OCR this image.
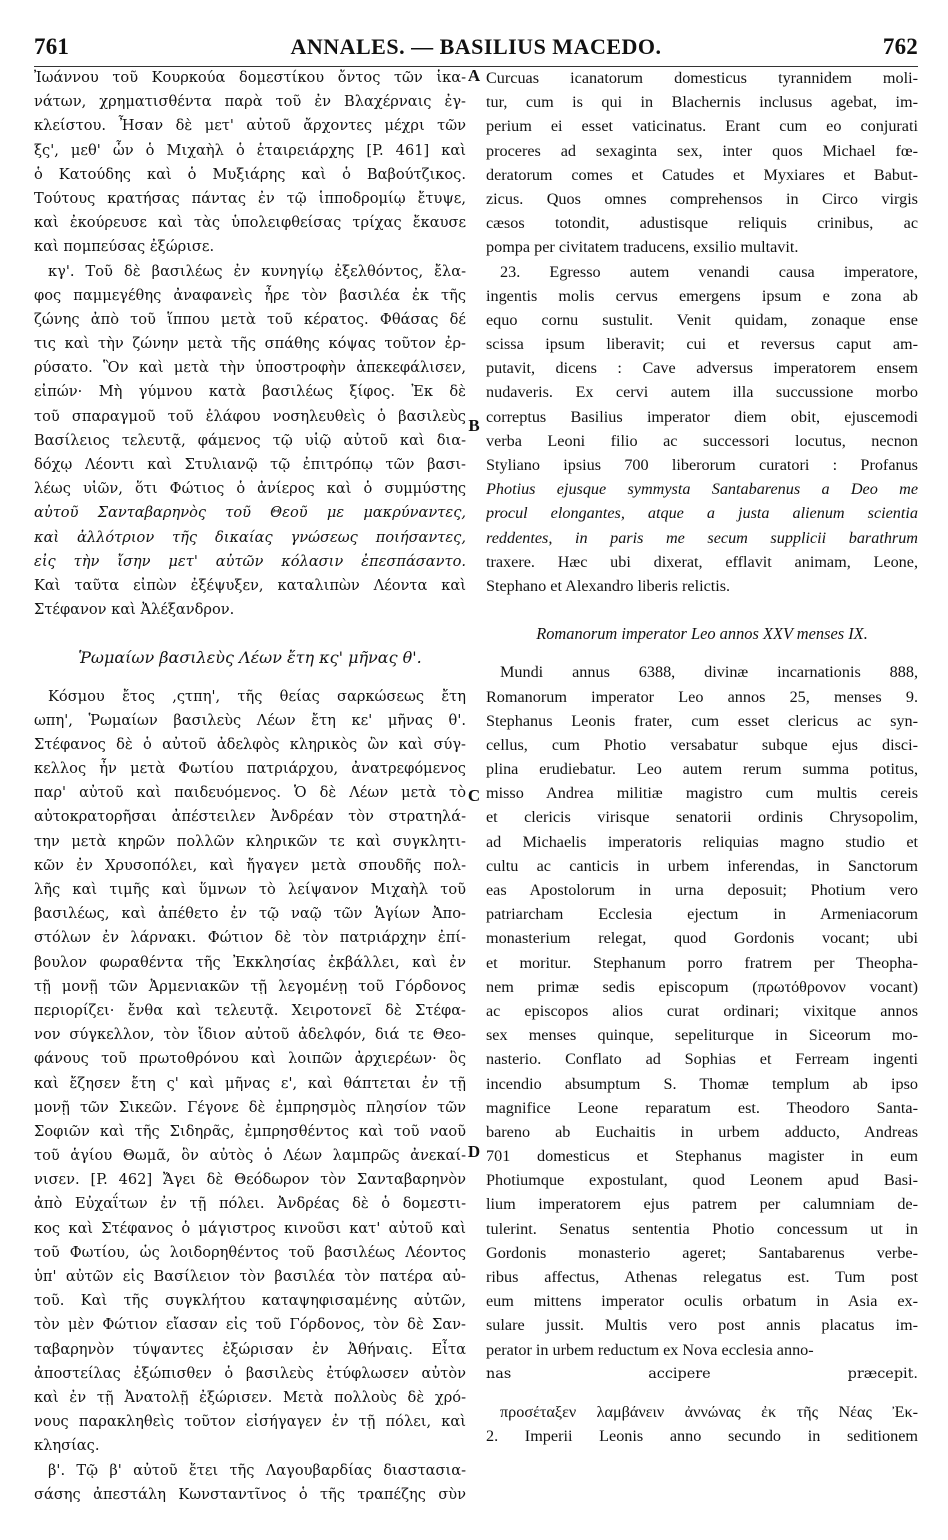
761	ANNALES. — BASILIUS MACEDO.	762
Ἰωάννου τοῦ Κουρκούα δομεστίκου ὄντος τῶν ἱκα-
νάτων, χρηματισθέντα παρὰ τοῦ ἐν Βλαχέρναις ἐγ-
κλείστου. Ἦσαν δὲ μετ' αὐτοῦ ἄρχοντες μέχρι τῶν
ξς', μεθ' ὧν ὁ Μιχαὴλ ὁ ἑταιρειάρχης [P. 461] καὶ
ὁ Κατούδης καὶ ὁ Μυξιάρης καὶ ὁ Βαβούτζικος.
Τούτους κρατήσας πάντας ἐν τῷ ἱπποδρομίῳ ἔτυψε,
καὶ ἐκούρευσε καὶ τὰς ὑπολειφθείσας τρίχας ἔκαυσε
καὶ πομπεύσας ἐξώρισε.
κγ'. Τοῦ δὲ βασιλέως ἐν κυνηγίῳ ἐξελθόντος, ἔλα-
φος παμμεγέθης ἀναφανεὶς ἦρε τὸν βασιλέα ἐκ τῆς
ζώνης ἀπὸ τοῦ ἵππου μετὰ τοῦ κέρατος. Φθάσας δέ
τις καὶ τὴν ζώνην μετὰ τῆς σπάθης κόψας τοῦτον ἐρ-
ρύσατο. Ὃν καὶ μετὰ τὴν ὑποστροφὴν ἀπεκεφάλισεν,
εἰπών· Μὴ γύμνου κατὰ βασιλέως ξίφος. Ἐκ δὲ
τοῦ σπαραγμοῦ τοῦ ἐλάφου νοσηλευθεὶς ὁ βασιλεὺς
Βασίλειος τελευτᾷ, φάμενος τῷ υἱῷ αὐτοῦ καὶ δια-
δόχῳ Λέοντι καὶ Στυλιανῷ τῷ ἐπιτρόπῳ τῶν βασι-
λέως υἱῶν, ὅτι Φώτιος ὁ ἀνίερος καὶ ὁ συμμύστης
αὐτοῦ Σανταβαρηνὸς τοῦ Θεοῦ με μακρύναντες,
καὶ ἀλλότριον τῆς δικαίας γνώσεως ποιήσαντες,
εἰς τὴν ἴσην μετ' αὐτῶν κόλασιν ἐπεσπάσαντο.
Καὶ ταῦτα εἰπὼν ἐξέψυξεν, καταλιπὼν Λέοντα καὶ
Στέφανον καὶ Ἀλέξανδρον.
Ῥωμαίων βασιλεὺς Λέων ἔτη κς' μῆνας θ'.
Κόσμου ἔτος ,ςτπη', τῆς θείας σαρκώσεως ἔτη
ωπη', Ῥωμαίων βασιλεὺς Λέων ἔτη κε' μῆνας θ'.
Στέφανος δὲ ὁ αὐτοῦ ἀδελφὸς κληρικὸς ὢν καὶ σύγ-
κελλος ἦν μετὰ Φωτίου πατριάρχου, ἀνατρεφόμενος
παρ' αὐτοῦ καὶ παιδευόμενος. Ὁ δὲ Λέων μετὰ τὸ
αὐτοκρατορῆσαι ἀπέστειλεν Ἀνδρέαν τὸν στρατηλά-
την μετὰ κηρῶν πολλῶν κληρικῶν τε καὶ συγκλητι-
κῶν ἐν Χρυσοπόλει, καὶ ἤγαγεν μετὰ σπουδῆς πολ-
λῆς καὶ τιμῆς καὶ ὕμνων τὸ λείψανον Μιχαὴλ τοῦ
βασιλέως, καὶ ἀπέθετο ἐν τῷ ναῷ τῶν Ἁγίων Ἀπο-
στόλων ἐν λάρνακι. Φώτιον δὲ τὸν πατριάρχην ἐπί-
βουλον φωραθέντα τῆς Ἐκκλησίας ἐκβάλλει, καὶ ἐν
τῇ μονῇ τῶν Ἀρμενιακῶν τῇ λεγομένῃ τοῦ Γόρδονος
περιορίζει· ἔνθα καὶ τελευτᾷ. Χειροτονεῖ δὲ Στέφα-
νον σύγκελλον, τὸν ἴδιον αὐτοῦ ἀδελφόν, διά τε Θεο-
φάνους τοῦ πρωτοθρόνου καὶ λοιπῶν ἀρχιερέων· ὃς
καὶ ἔζησεν ἔτη ς' καὶ μῆνας ε', καὶ θάπτεται ἐν τῇ
μονῇ τῶν Σικεῶν. Γέγονε δὲ ἐμπρησμὸς πλησίον τῶν
Σοφιῶν καὶ τῆς Σιδηρᾶς, ἐμπρησθέντος καὶ τοῦ ναοῦ
τοῦ ἁγίου Θωμᾶ, ὃν αὐτὸς ὁ Λέων λαμπρῶς ἀνεκαί-
νισεν. [P. 462] Ἄγει δὲ Θεόδωρον τὸν Σανταβαρηνὸν
ἀπὸ Εὐχαΐτων ἐν τῇ πόλει. Ἀνδρέας δὲ ὁ δομεστι-
κος καὶ Στέφανος ὁ μάγιστρος κινοῦσι κατ' αὐτοῦ καὶ
τοῦ Φωτίου, ὡς λοιδορηθέντος τοῦ βασιλέως Λέοντος
ὑπ' αὐτῶν εἰς Βασίλειον τὸν βασιλέα τὸν πατέρα αὐ-
τοῦ. Καὶ τῆς συγκλήτου καταψηφισαμένης αὐτῶν,
τὸν μὲν Φώτιον εἴασαν εἰς τοῦ Γόρδονος, τὸν δὲ Σαν-
ταβαρηνὸν τύψαντες ἐξώρισαν ἐν Ἀθήναις. Εἶτα
ἀποστείλας ἐξώπισθεν ὁ βασιλεὺς ἐτύφλωσεν αὐτὸν
καὶ ἐν τῇ Ἀνατολῇ ἐξώρισεν. Μετὰ πολλοὺς δὲ χρό-
νους παρακληθεὶς τοῦτον εἰσήγαγεν ἐν τῇ πόλει, καὶ
κλησίας.
β'. Τῷ β' αὐτοῦ ἔτει τῆς Λαγουβαρδίας διαστασια-
σάσης ἀπεστάλη Κωνσταντῖνος ὁ τῆς τραπέζης σὺν
A
B
C
D
Curcuas icanatorum domesticus tyrannidem moli-
tur, cum is qui in Blachernis inclusus agebat, im-
perium ei esset vaticinatus. Erant cum eo conjurati
proceres ad sexaginta sex, inter quos Michael fœ-
deratorum comes et Catudes et Myxiares et Babut-
zicus. Quos omnes comprehensos in Circo virgis
cæsos totondit, adustisque reliquis crinibus, ac
pompa per civitatem traducens, exsilio multavit.
23. Egresso autem venandi causa imperatore,
ingentis molis cervus emergens ipsum e zona ab
equo cornu sustulit. Venit quidam, zonaque ense
scissa ipsum liberavit; cui et reversus caput am-
putavit, dicens : Cave adversus imperatorem ensem
nudaveris. Ex cervi autem illa succussione morbo
correptus Basilius imperator diem obit, ejuscemodi
verba Leoni filio ac successori locutus, necnon
Styliano ipsius 700 liberorum curatori : Profanus
Photius ejusque symmysta Santabarenus a Deo me
procul elongantes, atque a justa alienum scientia
reddentes, in paris me secum supplicii barathrum
traxere. Hæc ubi dixerat, efflavit animam, Leone,
Stephano et Alexandro liberis relictis.
Romanorum imperator Leo annos XXV menses IX.
Mundi annus 6388, divinæ incarnationis 888,
Romanorum imperator Leo annos 25, menses 9.
Stephanus Leonis frater, cum esset clericus ac syn-
cellus, cum Photio versabatur subque ejus disci-
plina erudiebatur. Leo autem rerum summa potitus,
misso Andrea militiæ magistro cum multis cereis
et clericis virisque senatorii ordinis Chrysopolim,
ad Michaelis imperatoris reliquias magno studio et
cultu ac canticis in urbem inferendas, in Sanctorum
eas Apostolorum in urna deposuit; Photium vero
patriarcham Ecclesia ejectum in Armeniacorum
monasterium relegat, quod Gordonis vocant; ubi
et moritur. Stephanum porro fratrem per Theopha-
nem primæ sedis episcopum (πρωτόθρονον vocant)
ac episcopos alios curat ordinari; vixitque annos
sex menses quinque, sepeliturque in Siceorum mo-
nasterio. Conflato ad Sophias et Ferream ingenti
incendio absumptum S. Thomæ templum ab ipso
magnifice Leone reparatum est. Theodoro Santa-
bareno ab Euchaitis in urbem adducto, Andreas
701 domesticus et Stephanus magister in eum
Photiumque expostulant, quod Leonem apud Basi-
lium imperatorem ejus patrem per calumniam de-
tulerint. Senatus sententia Photio concessum ut in
Gordonis monasterio ageret; Santabarenus verbe-
ribus affectus, Athenas relegatus est. Tum post
eum mittens imperator oculis orbatum in Asia ex-
sulare jussit. Multis vero post annis placatus im-
perator in urbem reductum ex Nova ecclesia anno-
nas accipere præcepit.
προσέταξεν λαμβάνειν ἀννώνας ἐκ τῆς Νέας Ἐκ-
2. Imperii Leonis anno secundo in seditionem
